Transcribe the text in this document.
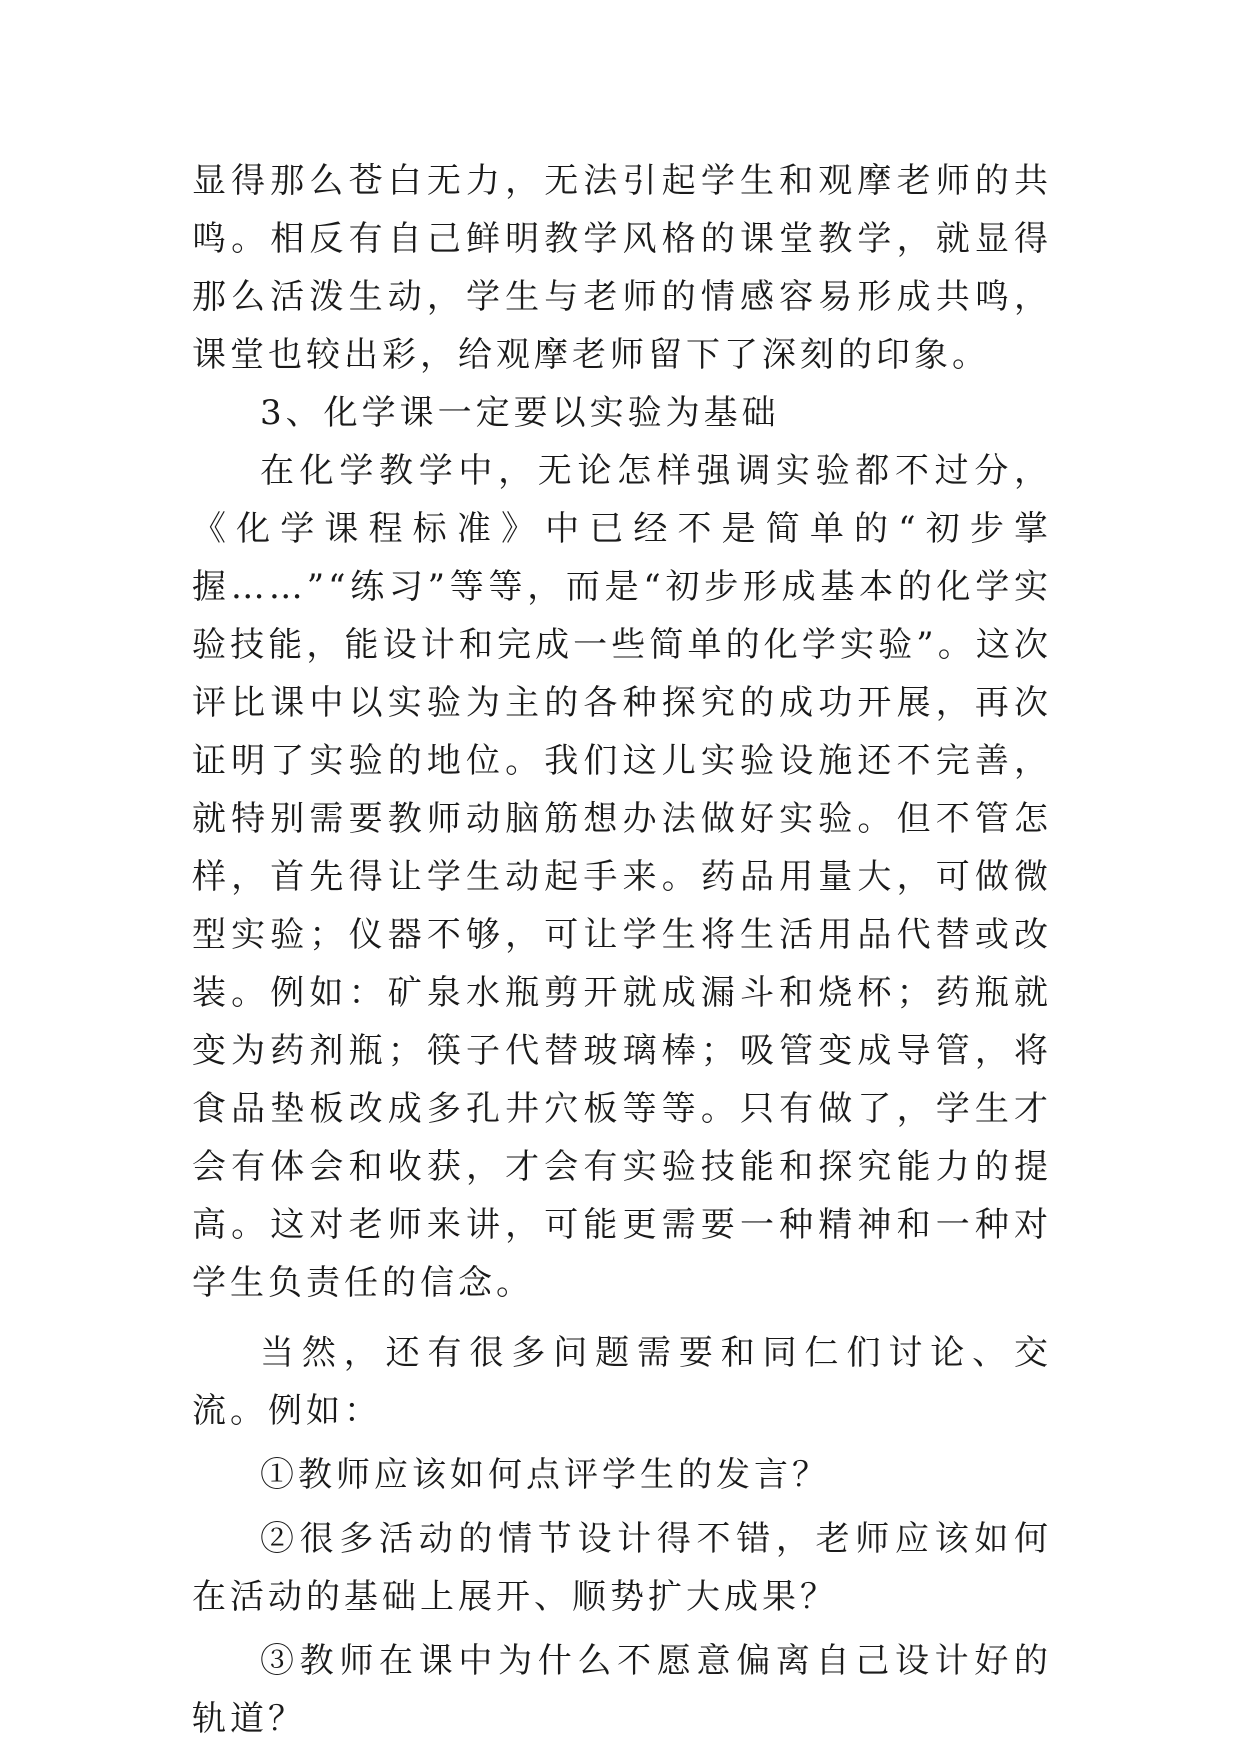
显得那么苍白无力，无法引起学生和观摩老师的共鸣。相反有自己鲜明教学风格的课堂教学，就显得那么活泼生动，学生与老师的情感容易形成共鸣，课堂也较出彩，给观摩老师留下了深刻的印象。

3、化学课一定要以实验为基础

在化学教学中，无论怎样强调实验都不过分，《化学课程标准》中已经不是简单的“初步掌握……”“练习”等等，而是“初步形成基本的化学实验技能，能设计和完成一些简单的化学实验”。这次评比课中以实验为主的各种探究的成功开展，再次证明了实验的地位。我们这儿实验设施还不完善，就特别需要教师动脑筋想办法做好实验。但不管怎样，首先得让学生动起手来。药品用量大，可做微型实验；仪器不够，可让学生将生活用品代替或改装。例如：矿泉水瓶剪开就成漏斗和烧杯；药瓶就变为药剂瓶；筷子代替玻璃棒；吸管变成导管，将食品垫板改成多孔井穴板等等。只有做了，学生才会有体会和收获，才会有实验技能和探究能力的提高。这对老师来讲，可能更需要一种精神和一种对学生负责任的信念。

当然，还有很多问题需要和同仁们讨论、交流。例如：

①教师应该如何点评学生的发言？

②很多活动的情节设计得不错，老师应该如何在活动的基础上展开、顺势扩大成果？

③教师在课中为什么不愿意偏离自己设计好的轨道？
